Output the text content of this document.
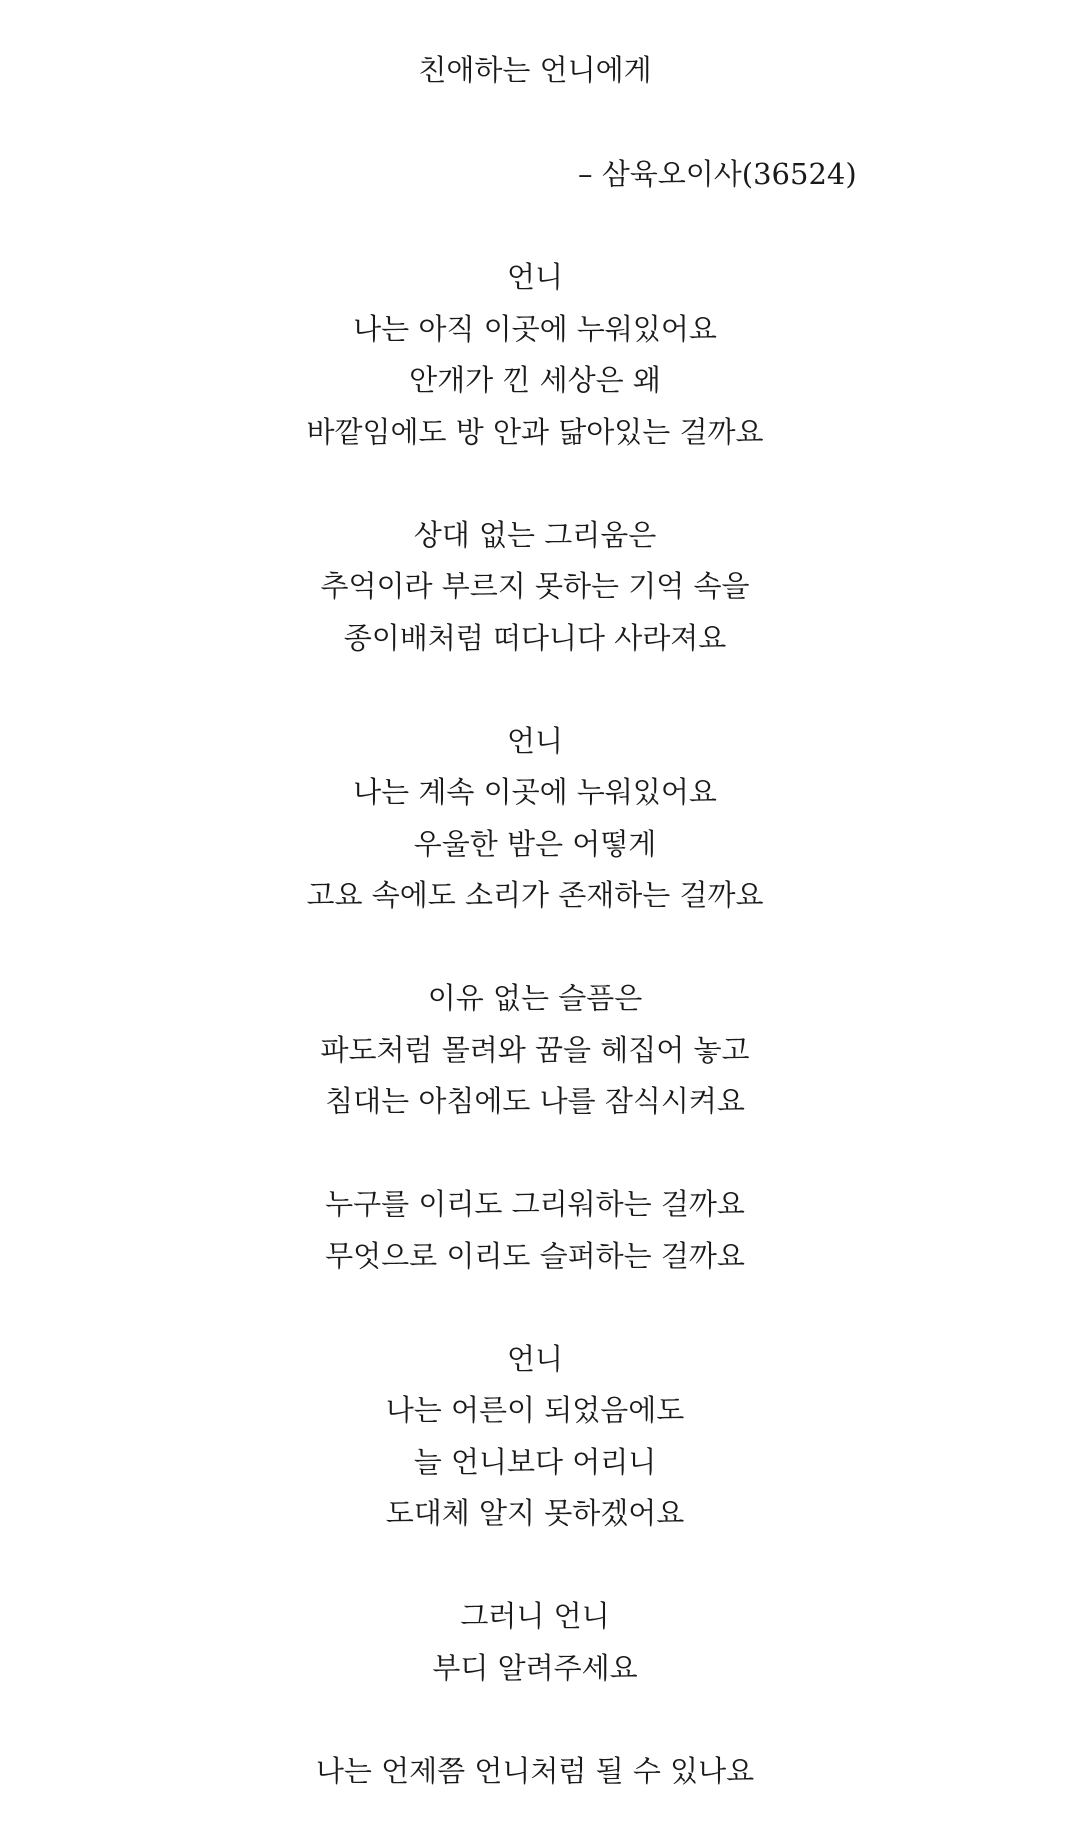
친애하는 언니에게
– 삼육오이사(36524)
언니
나는 아직 이곳에 누워있어요
안개가 낀 세상은 왜
바깥임에도 방 안과 닮아있는 걸까요
상대 없는 그리움은
추억이라 부르지 못하는 기억 속을
종이배처럼 떠다니다 사라져요
언니
나는 계속 이곳에 누워있어요
우울한 밤은 어떻게
고요 속에도 소리가 존재하는 걸까요
이유 없는 슬픔은
파도처럼 몰려와 꿈을 헤집어 놓고
침대는 아침에도 나를 잠식시켜요
누구를 이리도 그리워하는 걸까요
무엇으로 이리도 슬퍼하는 걸까요
언니
나는 어른이 되었음에도
늘 언니보다 어리니
도대체 알지 못하겠어요
그러니 언니
부디 알려주세요
나는 언제쯤 언니처럼 될 수 있나요
